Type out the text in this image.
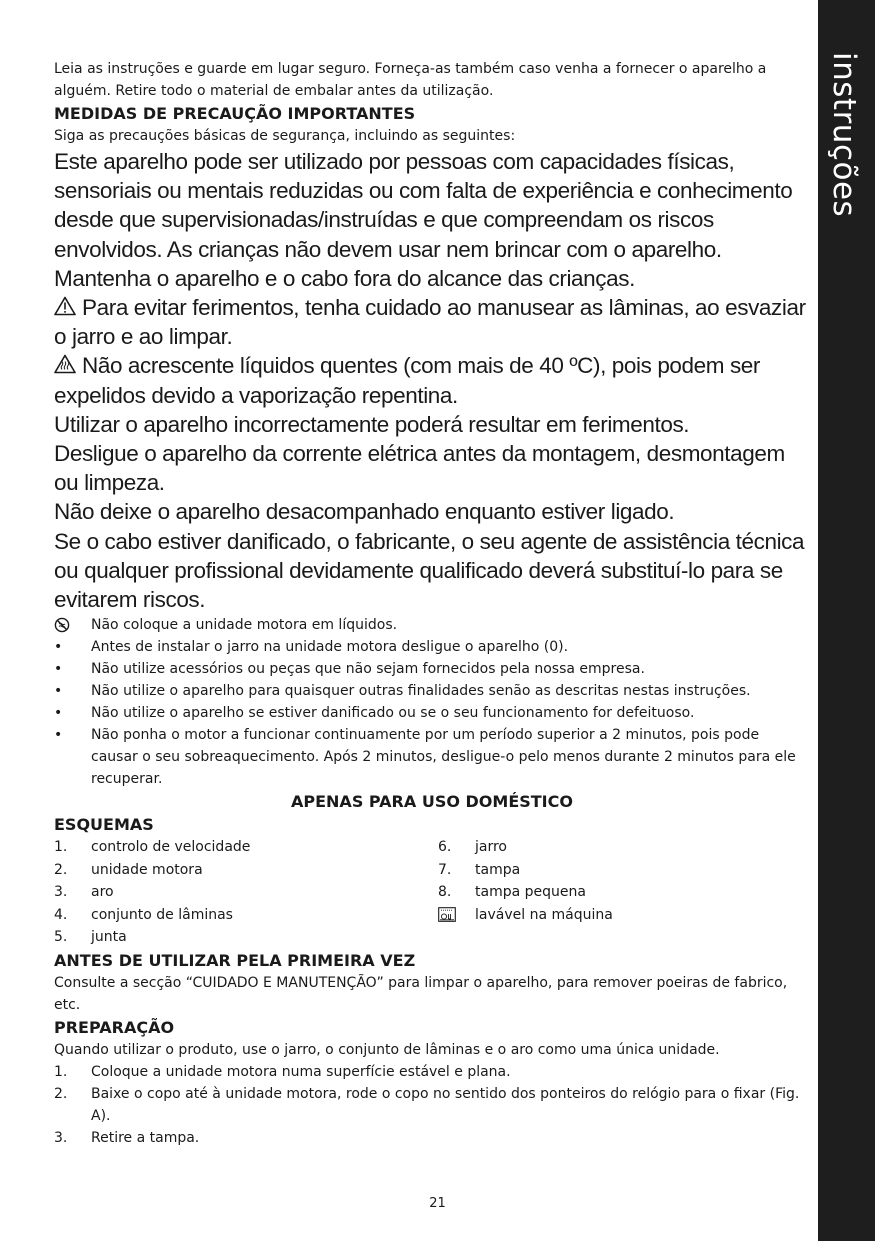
instruções

Leia as instruções e guarde em lugar seguro. Forneça-as também caso venha a fornecer o aparelho a alguém. Retire todo o material de embalar antes da utilização.

MEDIDAS DE PRECAUÇÃO IMPORTANTES

Siga as precauções básicas de segurança, incluindo as seguintes:

Este aparelho pode ser utilizado por pessoas com capacidades físicas, sensoriais ou mentais reduzidas ou com falta de experiência e conhecimento desde que supervisionadas/instruídas e que compreendam os riscos envolvidos. As crianças não devem usar nem brincar com o aparelho. Mantenha o aparelho e o cabo fora do alcance das crianças.

Para evitar ferimentos, tenha cuidado ao manusear as lâminas, ao esvaziar o jarro e ao limpar.

Não acrescente líquidos quentes (com mais de 40 ºC), pois podem ser expelidos devido a vaporização repentina.

Utilizar o aparelho incorrectamente poderá resultar em ferimentos.

Desligue o aparelho da corrente elétrica antes da montagem, desmontagem ou limpeza.

Não deixe o aparelho desacompanhado enquanto estiver ligado.

Se o cabo estiver danificado, o fabricante, o seu agente de assistência técnica ou qualquer profissional devidamente qualificado deverá substituí-lo para se evitarem riscos.

Não coloque a unidade motora em líquidos.
•	Antes de instalar o jarro na unidade motora desligue o aparelho (0).
•	Não utilize acessórios ou peças que não sejam fornecidos pela nossa empresa.
•	Não utilize o aparelho para quaisquer outras finalidades senão as descritas nestas instruções.
•	Não utilize o aparelho se estiver danificado ou se o seu funcionamento for defeituoso.
•	Não ponha o motor a funcionar continuamente por um período superior a 2 minutos, pois pode causar o seu sobreaquecimento. Após 2 minutos, desligue-o pelo menos durante 2 minutos para ele recuperar.

APENAS PARA USO DOMÉSTICO

ESQUEMAS

1. controlo de velocidade
2. unidade motora
3. aro
4. conjunto de lâminas
5. junta
6. jarro
7. tampa
8. tampa pequena
lavável na máquina

ANTES DE UTILIZAR PELA PRIMEIRA VEZ

Consulte a secção “CUIDADO E MANUTENÇÃO” para limpar o aparelho, para remover poeiras de fabrico, etc.

PREPARAÇÃO

Quando utilizar o produto, use o jarro, o conjunto de lâminas e o aro como uma única unidade.

1. Coloque a unidade motora numa superfície estável e plana.
2. Baixe o copo até à unidade motora, rode o copo no sentido dos ponteiros do relógio para o fixar (Fig. A).
3. Retire a tampa.
21
